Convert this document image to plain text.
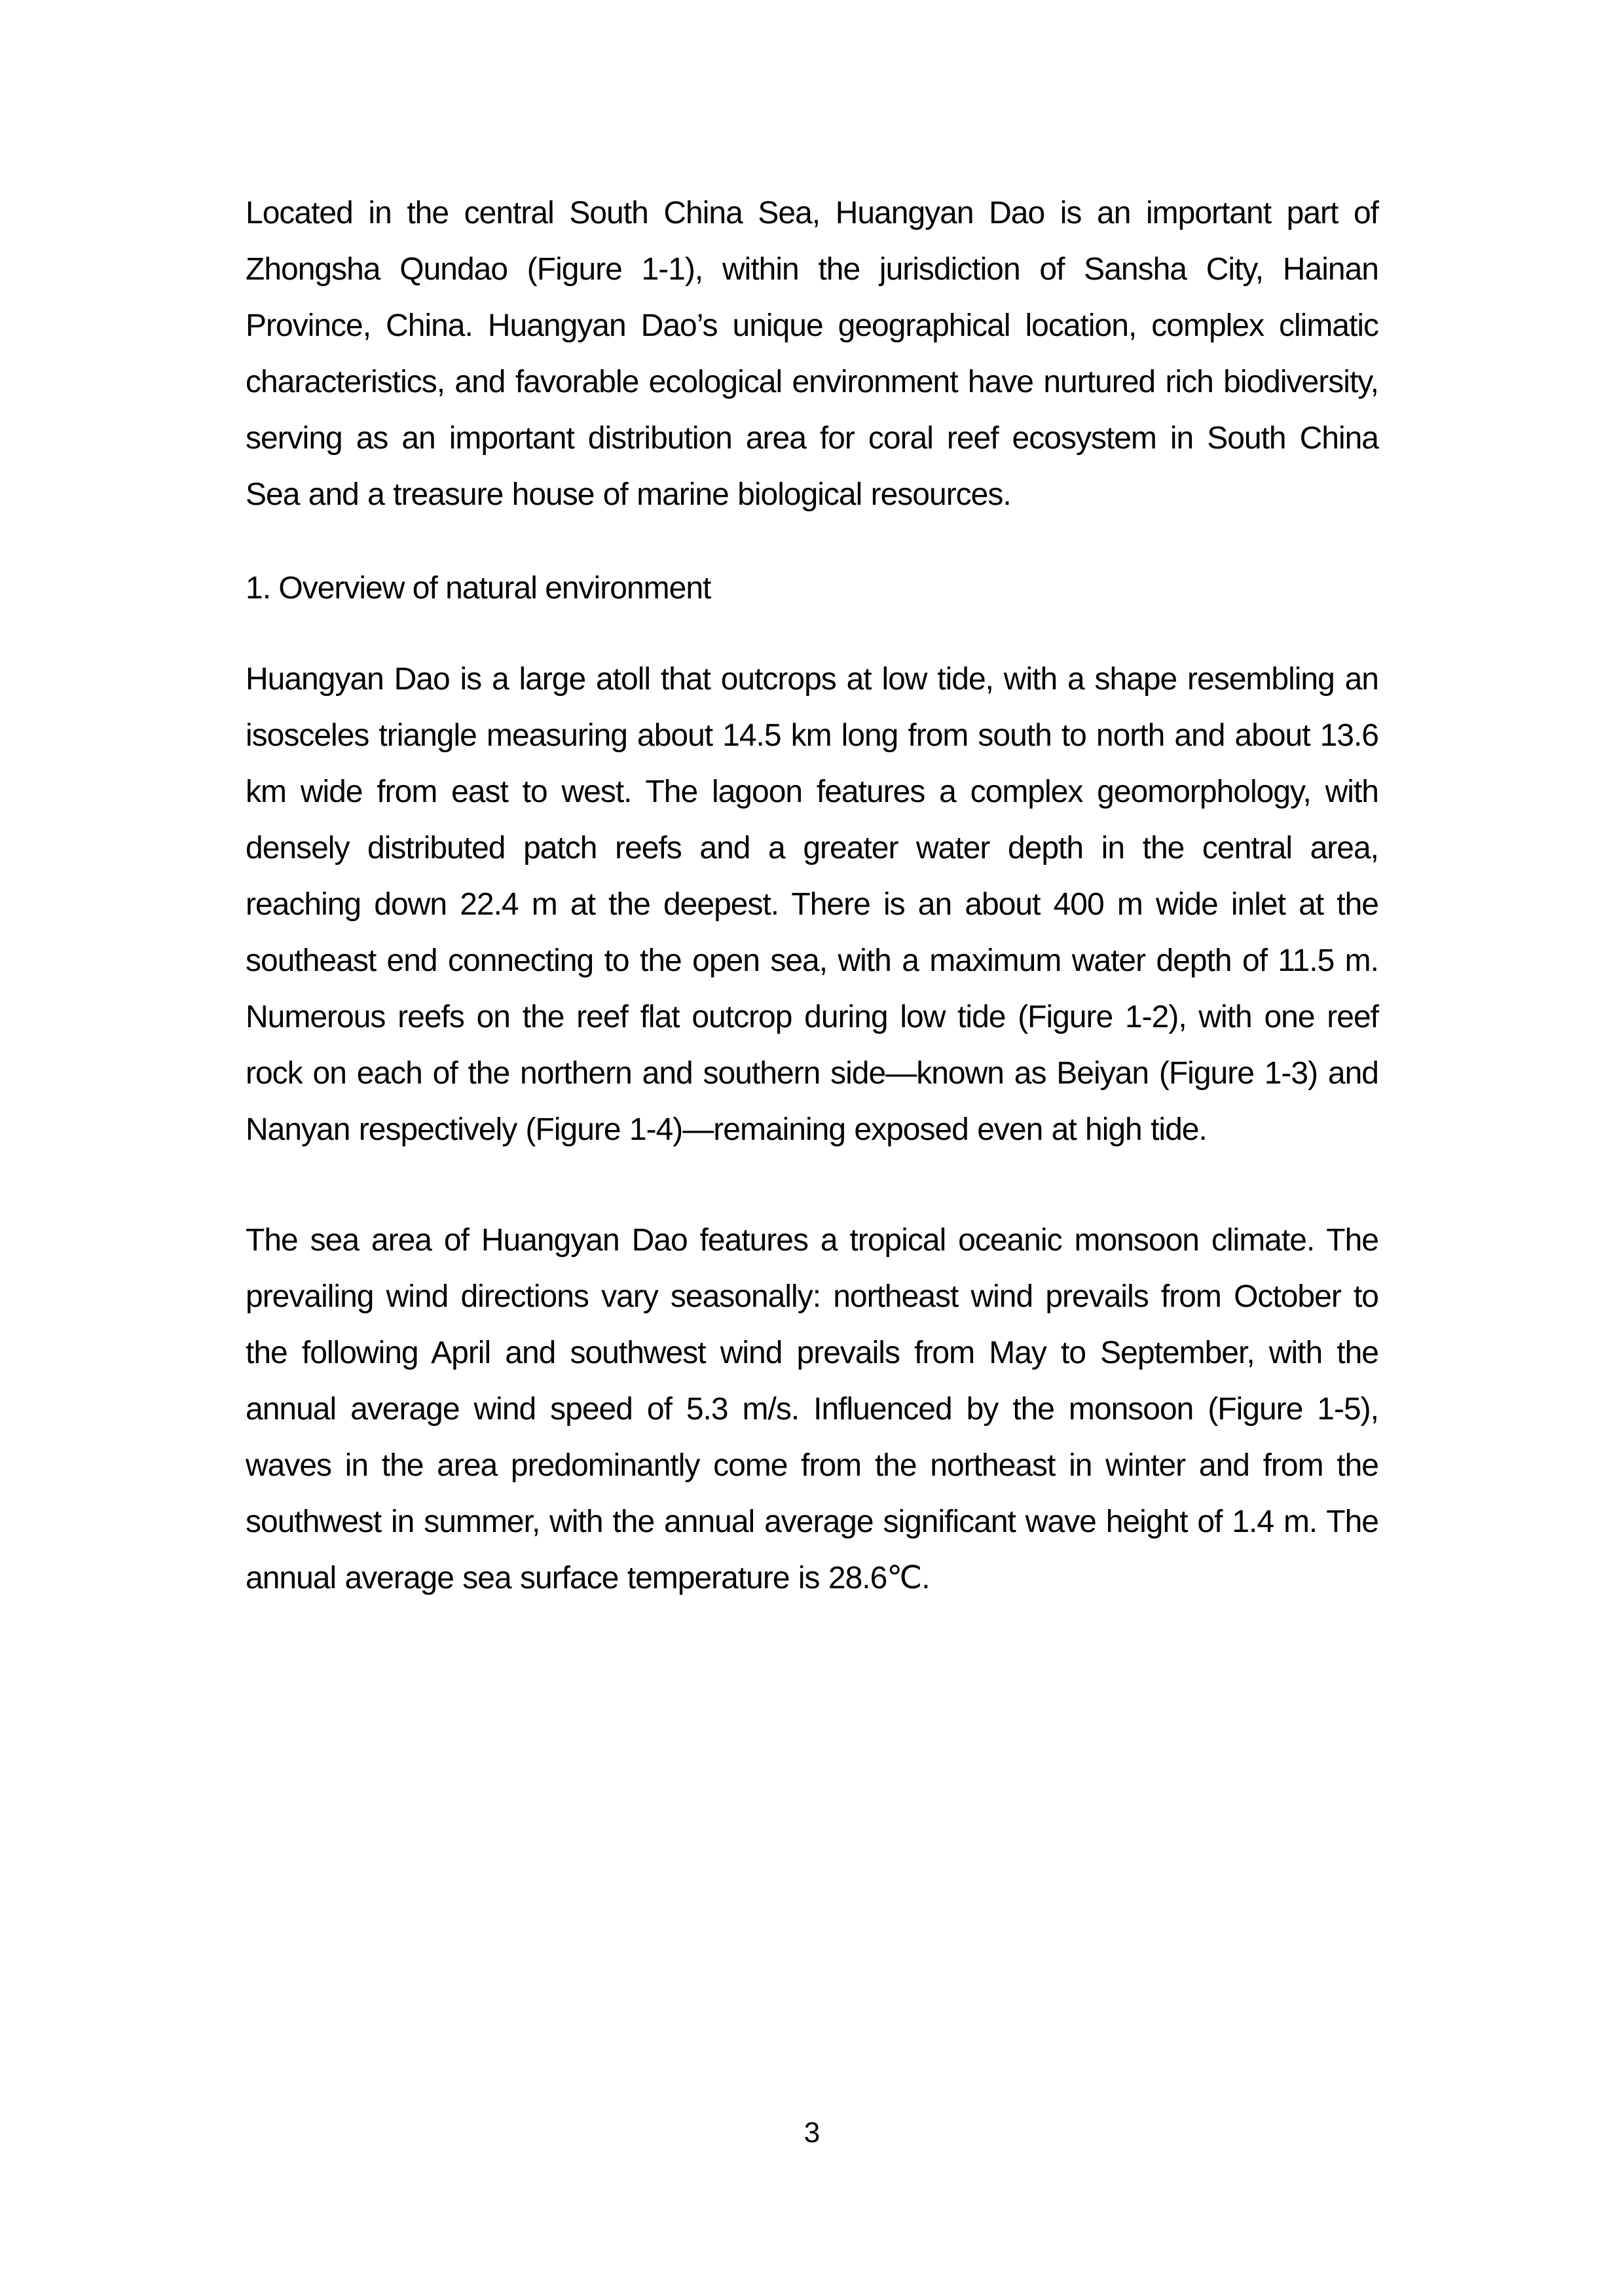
Located in the central South China Sea, Huangyan Dao is an important part of Zhongsha Qundao (Figure 1-1), within the jurisdiction of Sansha City, Hainan Province, China. Huangyan Dao’s unique geographical location, complex climatic characteristics, and favorable ecological environment have nurtured rich biodiversity, serving as an important distribution area for coral reef ecosystem in South China Sea and a treasure house of marine biological resources.

1. Overview of natural environment

Huangyan Dao is a large atoll that outcrops at low tide, with a shape resembling an isosceles triangle measuring about 14.5 km long from south to north and about 13.6 km wide from east to west. The lagoon features a complex geomorphology, with densely distributed patch reefs and a greater water depth in the central area, reaching down 22.4 m at the deepest. There is an about 400 m wide inlet at the southeast end connecting to the open sea, with a maximum water depth of 11.5 m. Numerous reefs on the reef flat outcrop during low tide (Figure 1-2), with one reef rock on each of the northern and southern side—known as Beiyan (Figure 1-3) and Nanyan respectively (Figure 1-4)—remaining exposed even at high tide.

The sea area of Huangyan Dao features a tropical oceanic monsoon climate. The prevailing wind directions vary seasonally: northeast wind prevails from October to the following April and southwest wind prevails from May to September, with the annual average wind speed of 5.3 m/s. Influenced by the monsoon (Figure 1-5), waves in the area predominantly come from the northeast in winter and from the southwest in summer, with the annual average significant wave height of 1.4 m. The annual average sea surface temperature is 28.6℃.

3
